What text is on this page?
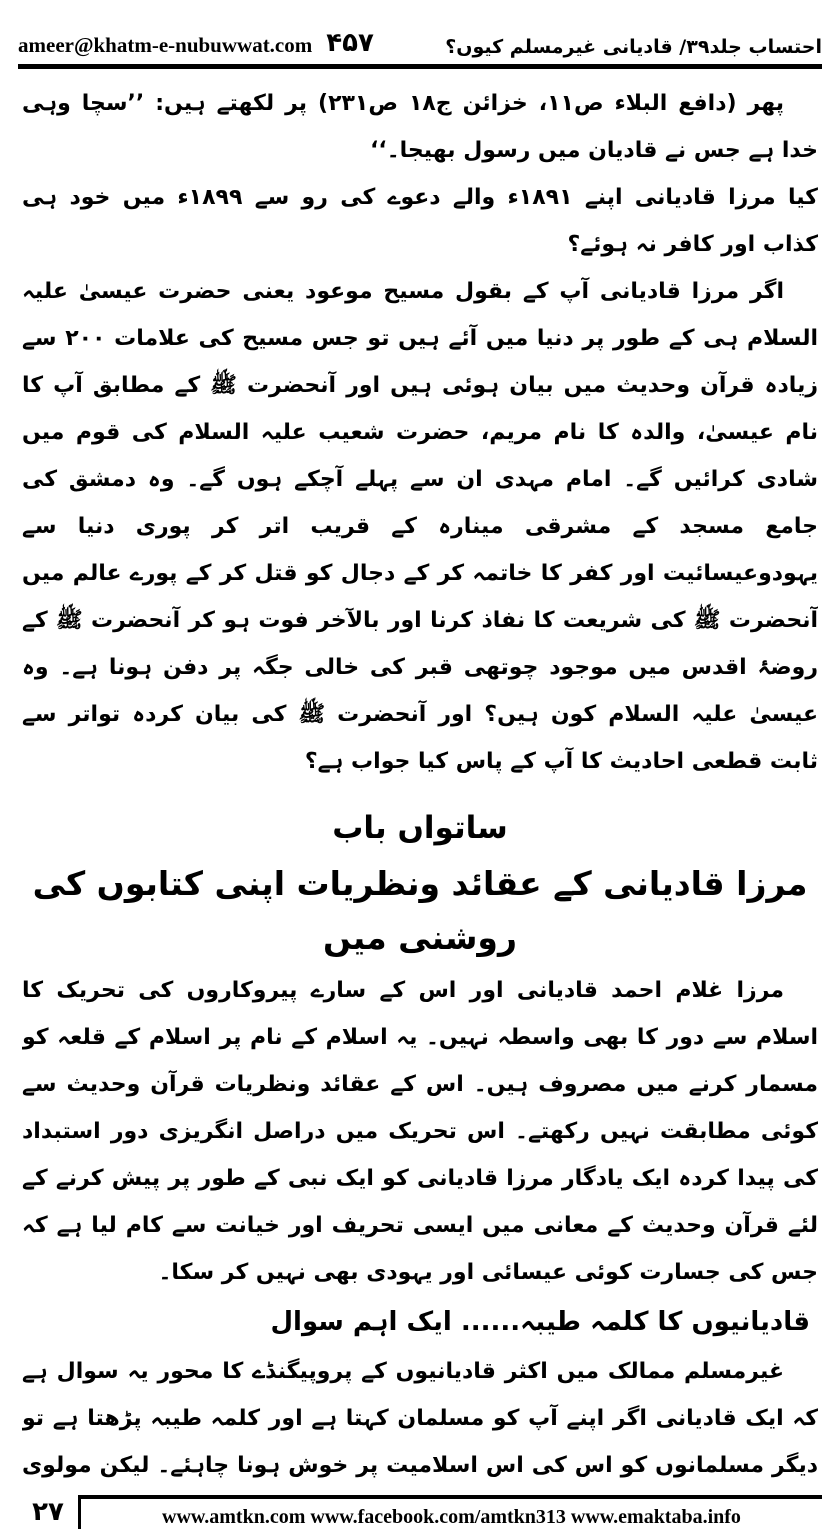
ameer@khatm-e-nubuwwat.com ۴۵۷	احتساب جلد۳۹/ قادیانی غیرمسلم کیوں؟

پھر (دافع البلاء ص۱۱، خزائن ج۱۸ ص۲۳۱) پر لکھتے ہیں: ’’سچا وہی خدا ہے جس نے قادیان میں رسول بھیجا۔‘‘

کیا مرزا قادیانی اپنے ۱۸۹۱ء والے دعوے کی رو سے ۱۸۹۹ء میں خود ہی کذاب اور کافر نہ ہوئے؟

اگر مرزا قادیانی آپ کے بقول مسیح موعود یعنی حضرت عیسیٰ علیہ السلام ہی کے طور پر دنیا میں آئے ہیں تو جس مسیح کی علامات ۲۰۰ سے زیادہ قرآن وحدیث میں بیان ہوئی ہیں اور آنحضرت ﷺ کے مطابق آپ کا نام عیسیٰ، والدہ کا نام مریم، حضرت شعیب علیہ السلام کی قوم میں شادی کرائیں گے۔ امام مہدی ان سے پہلے آچکے ہوں گے۔ وہ دمشق کی جامع مسجد کے مشرقی مینارہ کے قریب اتر کر پوری دنیا سے یہودوعیسائیت اور کفر کا خاتمہ کر کے دجال کو قتل کر کے پورے عالم میں آنحضرت ﷺ کی شریعت کا نفاذ کرنا اور بالآخر فوت ہو کر آنحضرت ﷺ کے روضۂ اقدس میں موجود چوتھی قبر کی خالی جگہ پر دفن ہونا ہے۔ وہ عیسیٰ علیہ السلام کون ہیں؟ اور آنحضرت ﷺ کی بیان کردہ تواتر سے ثابت قطعی احادیث کا آپ کے پاس کیا جواب ہے؟

ساتواں باب
مرزا قادیانی کے عقائد ونظریات اپنی کتابوں کی روشنی میں

مرزا غلام احمد قادیانی اور اس کے سارے پیروکاروں کی تحریک کا اسلام سے دور کا بھی واسطہ نہیں۔ یہ اسلام کے نام پر اسلام کے قلعہ کو مسمار کرنے میں مصروف ہیں۔ اس کے عقائد ونظریات قرآن وحدیث سے کوئی مطابقت نہیں رکھتے۔ اس تحریک میں دراصل انگریزی دور استبداد کی پیدا کردہ ایک یادگار مرزا قادیانی کو ایک نبی کے طور پر پیش کرنے کے لئے قرآن وحدیث کے معانی میں ایسی تحریف اور خیانت سے کام لیا ہے کہ جس کی جسارت کوئی عیسائی اور یہودی بھی نہیں کر سکا۔

قادیانیوں کا کلمہ طیبہ...... ایک اہم سوال

غیرمسلم ممالک میں اکثر قادیانیوں کے پروپیگنڈے کا محور یہ سوال ہے کہ ایک قادیانی اگر اپنے آپ کو مسلمان کہتا ہے اور کلمہ طیبہ پڑھتا ہے تو دیگر مسلمانوں کو اس کی اس اسلامیت پر خوش ہونا چاہئے۔ لیکن مولوی

۲۷	www.amtkn.com www.facebook.com/amtkn313 www.emaktaba.info
